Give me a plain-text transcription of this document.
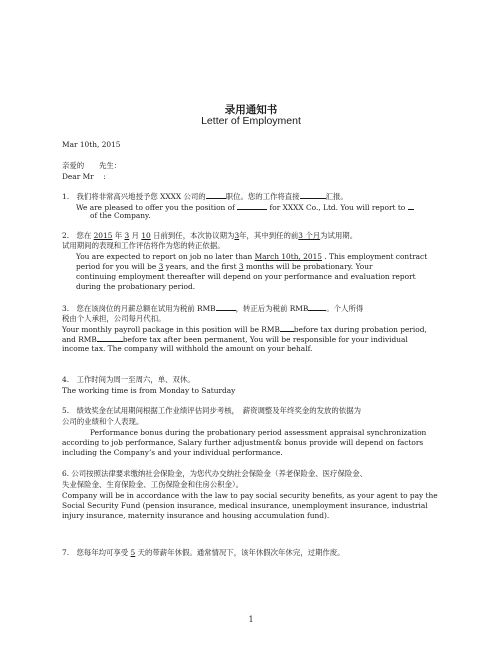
录用通知书
Letter of Employment
Mar 10th, 2015
亲爱的　　先生：
Dear Mr　 :
1.　我们将非常高兴地授予您 XXXX 公司的	职位。您的工作将直接	汇报。
We are pleased to offer you the position of	for XXXX Co., Ltd. You will report to
of the Company.
2.　您在 2015 年 3 月 10 日前到任，本次协议期为3年，其中到任的前3 个月为试用期。
试用期间的表现和工作评估将作为您的转正依据。
You are expected to report on job no later than March 10th, 2015 . This employment contract
period for you will be 3 years, and the first 3 months will be probationary. Your
continuing employment thereafter will depend on your performance and evaluation report
during the probationary period.
3.　您在该岗位的月薪总额在试用为税前 RMB	，转正后为税前 RMB 。个人所得
税由个人承担，公司每月代扣。
Your monthly payroll package in this position will be RMB before tax during probation period,
and RMB	before tax after been permanent, You will be responsible for your individual
income tax. The company will withhold the amount on your behalf.
4.　工作时间为周一至周六，单、双休。
The working time is from Monday to Saturday
5.　绩效奖金在试用期间根据工作业绩评估同步考核，　薪资调整及年终奖金的发放的依据为
公司的业绩和个人表现。
Performance bonus during the probationary period assessment appraisal synchronization
according to job performance, Salary further adjustment& bonus provide will depend on factors
including the Company’s and your individual performance.
6. 公司按照法律要求缴纳社会保险金，为您代办交纳社会保险金（养老保险金、医疗保险金、
失业保险金、生育保险金、工伤保险金和住房公积金）。
Company will be in accordance with the law to pay social security benefits, as your agent to pay the
Social Security Fund (pension insurance, medical insurance, unemployment insurance, industrial
injury insurance, maternity insurance and housing accumulation fund).
7.　您每年均可享受 5 天的带薪年休假。通常情况下，该年休假次年休完，过期作废。
1
